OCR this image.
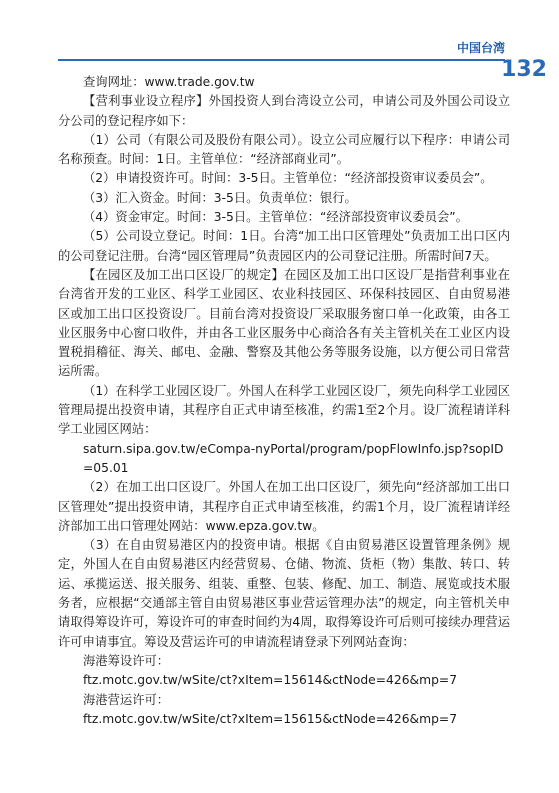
中国台湾
132

查询网址：www.trade.gov.tw

【营利事业设立程序】外国投资人到台湾设立公司，申请公司及外国公司设立分公司的登记程序如下：

（1）公司（有限公司及股份有限公司）。设立公司应履行以下程序：申请公司名称预查。时间：1日。主管单位：“经济部商业司”。

（2）申请投资许可。时间：3-5日。主管单位：“经济部投资审议委员会”。

（3）汇入资金。时间：3-5日。负责单位：银行。

（4）资金审定。时间：3-5日。主管单位：“经济部投资审议委员会”。

（5）公司设立登记。时间：1日。台湾“加工出口区管理处”负责加工出口区内的公司登记注册。台湾“园区管理局”负责园区内的公司登记注册。所需时间7天。

【在园区及加工出口区设厂的规定】在园区及加工出口区设厂是指营利事业在台湾省开发的工业区、科学工业园区、农业科技园区、环保科技园区、自由贸易港区或加工出口区投资设厂。目前台湾对投资设厂采取服务窗口单一化政策，由各工业区服务中心窗口收件，并由各工业区服务中心商洽各有关主管机关在工业区内设置税捐稽征、海关、邮电、金融、警察及其他公务等服务设施，以方便公司日常营运所需。

（1）在科学工业园区设厂。外国人在科学工业园区设厂，须先向科学工业园区管理局提出投资申请，其程序自正式申请至核准，约需1至2个月。设厂流程请详科学工业园区网站：

saturn.sipa.gov.tw/eCompa-nyPortal/program/popFlowInfo.jsp?sopID=05.01

（2）在加工出口区设厂。外国人在加工出口区设厂，须先向“经济部加工出口区管理处”提出投资申请，其程序自正式申请至核准，约需1个月，设厂流程请详经济部加工出口管理处网站：www.epza.gov.tw。

（3）在自由贸易港区内的投资申请。根据《自由贸易港区设置管理条例》规定，外国人在自由贸易港区内经营贸易、仓储、物流、货柜（物）集散、转口、转运、承揽运送、报关服务、组装、重整、包装、修配、加工、制造、展览或技术服务者，应根据“交通部主管自由贸易港区事业营运管理办法”的规定，向主管机关申请取得筹设许可，筹设许可的审查时间约为4周，取得筹设许可后则可接续办理营运许可申请事宜。筹设及营运许可的申请流程请登录下列网站查询：

海港筹设许可：

ftz.motc.gov.tw/wSite/ct?xItem=15614&ctNode=426&mp=7

海港营运许可：

ftz.motc.gov.tw/wSite/ct?xItem=15615&ctNode=426&mp=7
